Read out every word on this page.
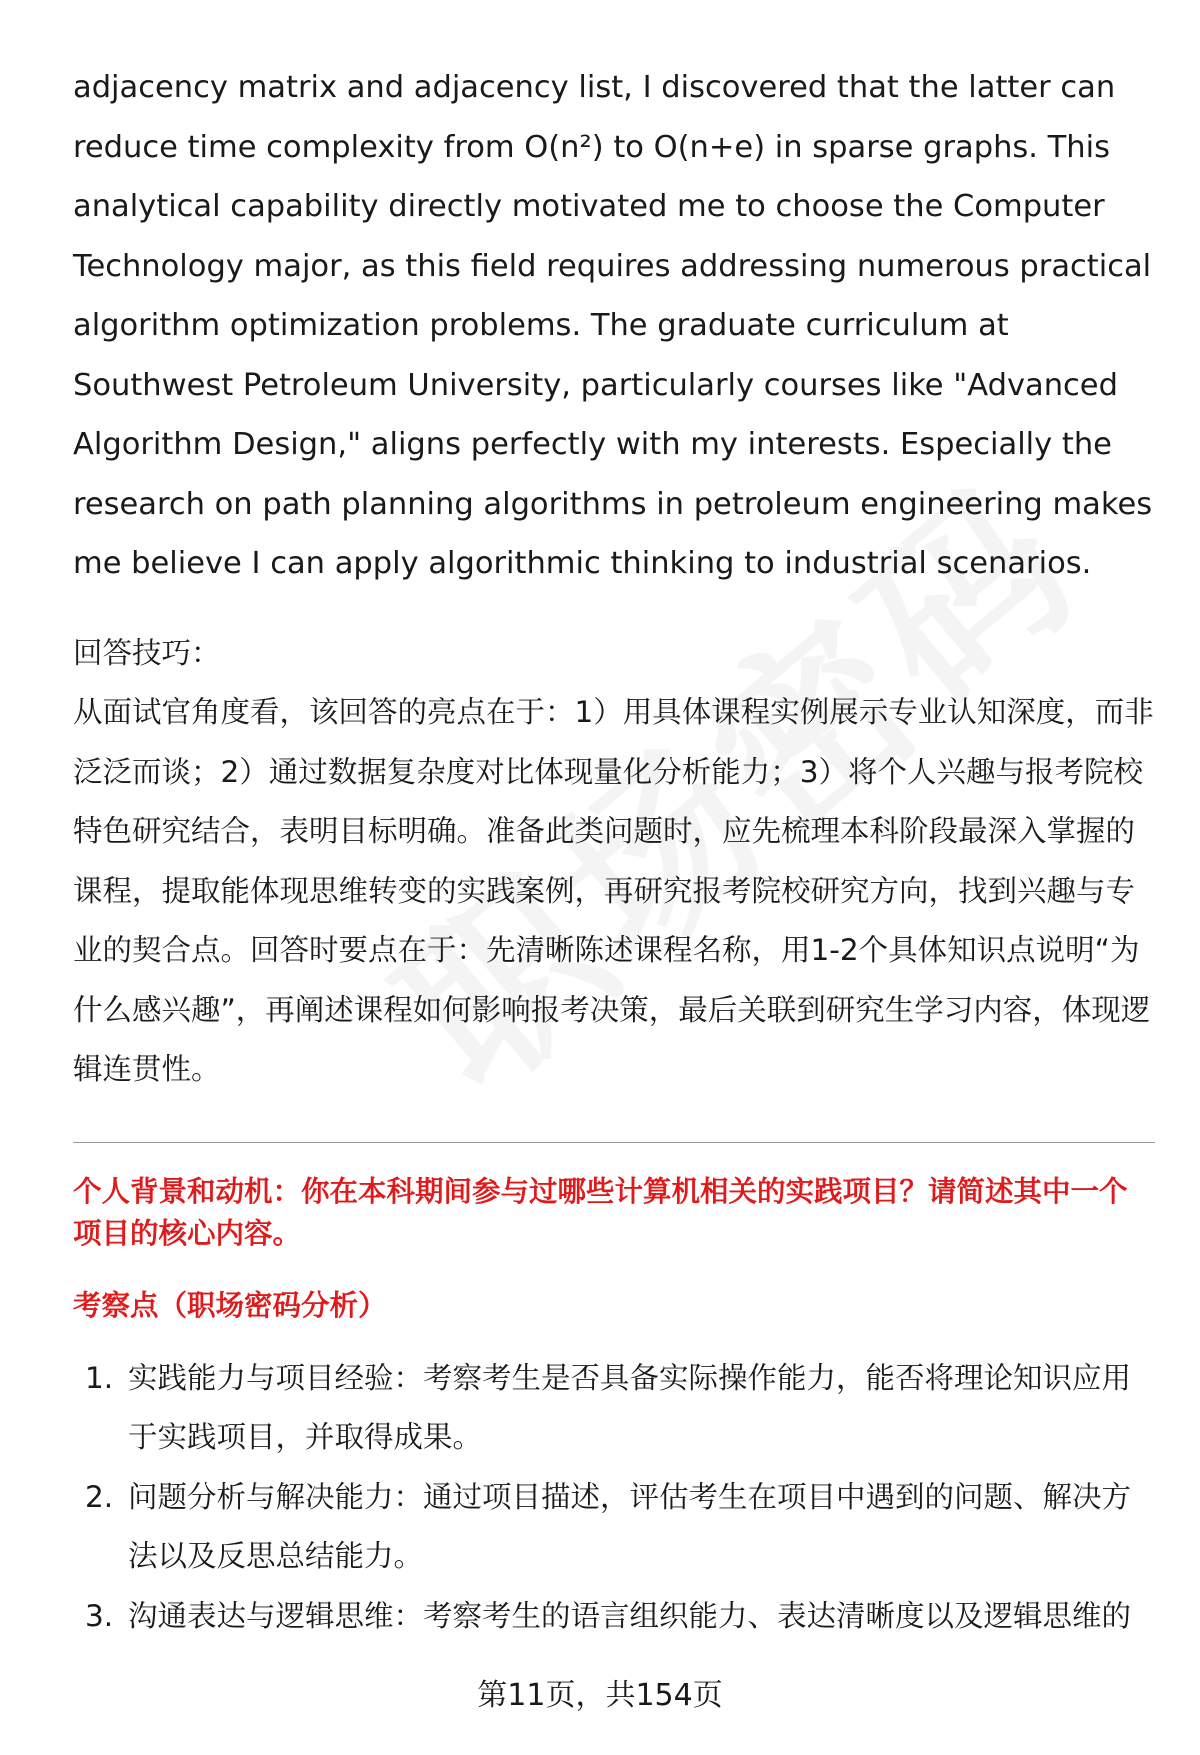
adjacency matrix and adjacency list, I discovered that the latter can reduce time complexity from O(n²) to O(n+e) in sparse graphs. This analytical capability directly motivated me to choose the Computer Technology major, as this field requires addressing numerous practical algorithm optimization problems. The graduate curriculum at Southwest Petroleum University, particularly courses like "Advanced Algorithm Design," aligns perfectly with my interests. Especially the research on path planning algorithms in petroleum engineering makes me believe I can apply algorithmic thinking to industrial scenarios.

回答技巧：

从面试官角度看，该回答的亮点在于：1）用具体课程实例展示专业认知深度，而非泛泛而谈；2）通过数据复杂度对比体现量化分析能力；3）将个人兴趣与报考院校特色研究结合，表明目标明确。准备此类问题时，应先梳理本科阶段最深入掌握的课程，提取能体现思维转变的实践案例，再研究报考院校研究方向，找到兴趣与专业的契合点。回答时要点在于：先清晰陈述课程名称，用1-2个具体知识点说明“为什么感兴趣”，再阐述课程如何影响报考决策，最后关联到研究生学习内容，体现逻辑连贯性。

个人背景和动机：你在本科期间参与过哪些计算机相关的实践项目？请简述其中一个项目的核心内容。

考察点（职场密码分析）

1. 实践能力与项目经验：考察考生是否具备实际操作能力，能否将理论知识应用于实践项目，并取得成果。
2. 问题分析与解决能力：通过项目描述，评估考生在项目中遇到的问题、解决方法以及反思总结能力。
3. 沟通表达与逻辑思维：考察考生的语言组织能力、表达清晰度以及逻辑思维的
第11页，共154页
